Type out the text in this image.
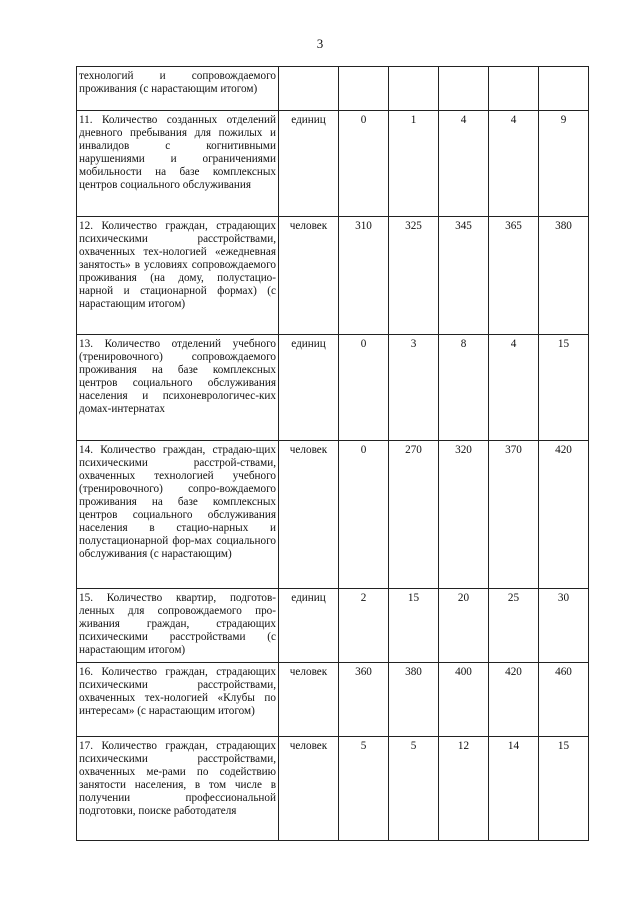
3
технологий и сопровождаемого проживания (с нарастающим итогом)						
11. Количество созданных отделений дневного пребывания для пожилых и инвалидов с когнитивными нарушениями и ограничениями мобильности на базе комплексных центров социального обслуживания	единиц	0	1	4	4	9
12. Количество граждан, страдающих психическими расстройствами, охваченных тех-нологией «ежедневная занятость» в условиях сопровождаемого проживания (на дому, полустацио-нарной и стационарной формах) (с нарастающим итогом)	человек	310	325	345	365	380
13. Количество отделений учебного (тренировочного) сопровождаемого проживания на базе комплексных центров социального обслуживания населения и психоневрологичес-ких домах-интернатах	единиц	0	3	8	4	15
14. Количество граждан, страдаю-щих психическими расстрой-ствами, охваченных технологией учебного (тренировочного) сопро-вождаемого проживания на базе комплексных центров социального обслуживания населения в стацио-нарных и полустационарной фор-мах социального обслуживания (с нарастающим)	человек	0	270	320	370	420
15. Количество квартир, подготов-ленных для сопровождаемого про-живания граждан, страдающих психическими расстройствами (с нарастающим итогом)	единиц	2	15	20	25	30
16. Количество граждан, страдающих психическими расстройствами, охваченных тех-нологией «Клубы по интересам» (с нарастающим итогом)	человек	360	380	400	420	460
17. Количество граждан, страдающих психическими расстройствами, охваченных ме-рами по содействию занятости населения, в том числе в получении профессиональной подготовки, поиске работодателя	человек	5	5	12	14	15
